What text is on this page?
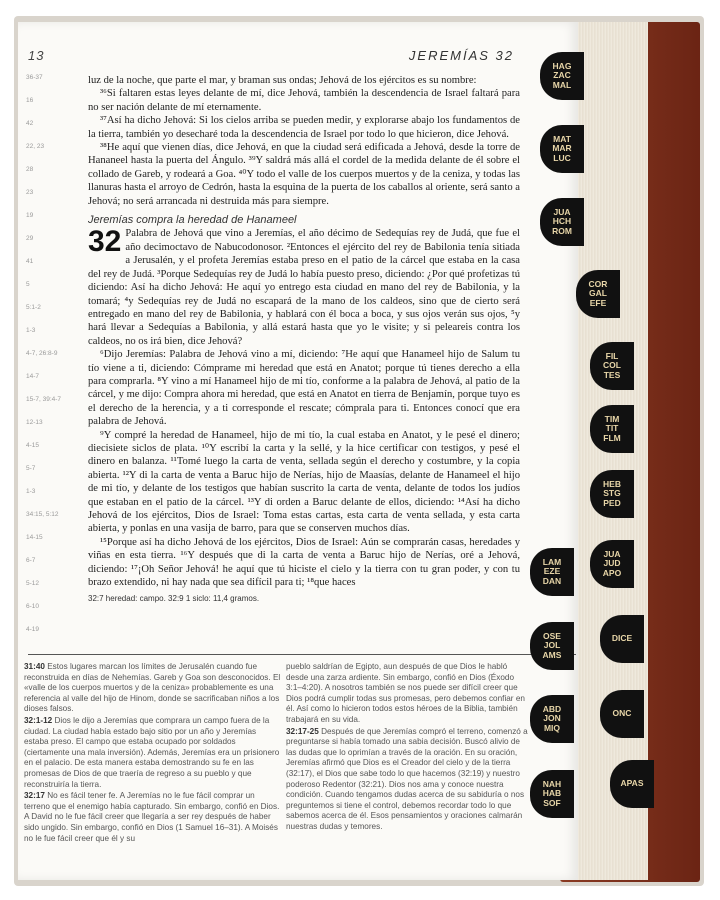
13	JEREMÍAS 32
36-37
16
42
22, 23
28
23
19
29
41
5
5:1-2
1-3
4-7, 26:8-9
14-7
15-7, 39:4-7
12-13
4-15
5-7
1-3
34:15, 5:12
14-15
6-7
5-12
6-10
4-19

luz de la noche, que parte el mar, y braman sus ondas; Jehová de los ejércitos es su nombre:

³⁶Si faltaren estas leyes delante de mí, dice Jehová, también la descendencia de Israel faltará para no ser nación delante de mí eternamente.

³⁷Así ha dicho Jehová: Si los cielos arriba se pueden medir, y explorarse abajo los fundamentos de la tierra, también yo desecharé toda la descendencia de Israel por todo lo que hicieron, dice Jehová.

³⁸He aquí que vienen días, dice Jehová, en que la ciudad será edificada a Jehová, desde la torre de Hananeel hasta la puerta del Ángulo. ³⁹Y saldrá más allá el cordel de la medida delante de él sobre el collado de Gareb, y rodeará a Goa. ⁴⁰Y todo el valle de los cuerpos muertos y de la ceniza, y todas las llanuras hasta el arroyo de Cedrón, hasta la esquina de la puerta de los caballos al oriente, será santo a Jehová; no será arrancada ni destruida más para siempre.

Jeremías compra la heredad de Hanameel

32 Palabra de Jehová que vino a Jeremías, el año décimo de Sedequías rey de Judá, que fue el año decimoctavo de Nabucodonosor. ²Entonces el ejército del rey de Babilonia tenía sitiada a Jerusalén, y el profeta Jeremías estaba preso en el patio de la cárcel que estaba en la casa del rey de Judá. ³Porque Sedequías rey de Judá lo había puesto preso, diciendo: ¿Por qué profetizas tú diciendo: Así ha dicho Jehová: He aquí yo entrego esta ciudad en mano del rey de Babilonia, y la tomará; ⁴y Sedequías rey de Judá no escapará de la mano de los caldeos, sino que de cierto será entregado en mano del rey de Babilonia, y hablará con él boca a boca, y sus ojos verán sus ojos, ⁵y hará llevar a Sedequías a Babilonia, y allá estará hasta que yo le visite; y si peleareis contra los caldeos, no os irá bien, dice Jehová?

⁶Dijo Jeremías: Palabra de Jehová vino a mí, diciendo: ⁷He aquí que Hanameel hijo de Salum tu tío viene a ti, diciendo: Cómprame mi heredad que está en Anatot; porque tú tienes derecho a ella para comprarla. ⁸Y vino a mí Hanameel hijo de mi tío, conforme a la palabra de Jehová, al patio de la cárcel, y me dijo: Compra ahora mi heredad, que está en Anatot en tierra de Benjamín, porque tuyo es el derecho de la herencia, y a ti corresponde el rescate; cómprala para ti. Entonces conocí que era palabra de Jehová.

⁹Y compré la heredad de Hanameel, hijo de mi tío, la cual estaba en Anatot, y le pesé el dinero; diecisiete siclos de plata. ¹⁰Y escribí la carta y la sellé, y la hice certificar con testigos, y pesé el dinero en balanza. ¹¹Tomé luego la carta de venta, sellada según el derecho y costumbre, y la copia abierta. ¹²Y di la carta de venta a Baruc hijo de Nerías, hijo de Maasías, delante de Hanameel el hijo de mi tío, y delante de los testigos que habían suscrito la carta de venta, delante de todos los judíos que estaban en el patio de la cárcel. ¹³Y di orden a Baruc delante de ellos, diciendo: ¹⁴Así ha dicho Jehová de los ejércitos, Dios de Israel: Toma estas cartas, esta carta de venta sellada, y esta carta abierta, y ponlas en una vasija de barro, para que se conserven muchos días.

¹⁵Porque así ha dicho Jehová de los ejércitos, Dios de Israel: Aún se comprarán casas, heredades y viñas en esta tierra. ¹⁶Y después que di la carta de venta a Baruc hijo de Nerías, oré a Jehová, diciendo: ¹⁷¡Oh Señor Jehová! he aquí que tú hiciste el cielo y la tierra con tu gran poder, y con tu brazo extendido, ni hay nada que sea difícil para ti; ¹⁸que haces

32:7 heredad: campo. 32:9 1 siclo: 11,4 gramos.

31:40 Estos lugares marcan los límites de Jerusalén cuando fue reconstruida en días de Nehemías. Gareb y Goa son desconocidos. El «valle de los cuerpos muertos y de la ceniza» probablemente es una referencia al valle del hijo de Hinom, donde se sacrificaban niños a los dioses falsos.

32:1-12 Dios le dijo a Jeremías que comprara un campo fuera de la ciudad. La ciudad había estado bajo sitio por un año y Jeremías estaba preso. El campo que estaba ocupado por soldados (ciertamente una mala inversión). Además, Jeremías era un prisionero en el palacio. De esta manera estaba demostrando su fe en las promesas de Dios de que traería de regreso a su pueblo y que reconstruiría la tierra.

32:17 No es fácil tener fe. A Jeremías no le fue fácil comprar un terreno que el enemigo había capturado. Sin embargo, confió en Dios. A David no le fue fácil creer que llegaría a ser rey después de haber sido ungido. Sin embargo, confió en Dios (1 Samuel 16–31). A Moisés no le fue fácil creer que él y su

pueblo saldrían de Egipto, aun después de que Dios le habló desde una zarza ardiente. Sin embargo, confió en Dios (Éxodo 3:1–4:20). A nosotros también se nos puede ser difícil creer que Dios podrá cumplir todas sus promesas, pero debemos confiar en él. Así como lo hicieron todos estos héroes de la Biblia, también trabajará en su vida.

32:17-25 Después de que Jeremías compró el terreno, comenzó a preguntarse si había tomado una sabia decisión. Buscó alivio de las dudas que lo oprimían a través de la oración. En su oración, Jeremías afirmó que Dios es el Creador del cielo y de la tierra (32:17), el Dios que sabe todo lo que hacemos (32:19) y nuestro poderoso Redentor (32:21). Dios nos ama y conoce nuestra condición. Cuando tengamos dudas acerca de su sabiduría o nos preguntemos si tiene el control, debemos recordar todo lo que sabemos acerca de él. Esos pensamientos y oraciones calmarán nuestras dudas y temores.

HAG
ZAC
MAL
MAT
MAR
LUC
JUA
HCH
ROM
COR
GAL
EFE
FIL
COL
TES
TIM
TIT
FLM
HEB
STG
PED
JUA
JUD
APO
LAM
EZE
DAN
DICE
OSE
JOL
AMS
ONC
ABD
JON
MIQ
APAS
NAH
HAB
SOF
